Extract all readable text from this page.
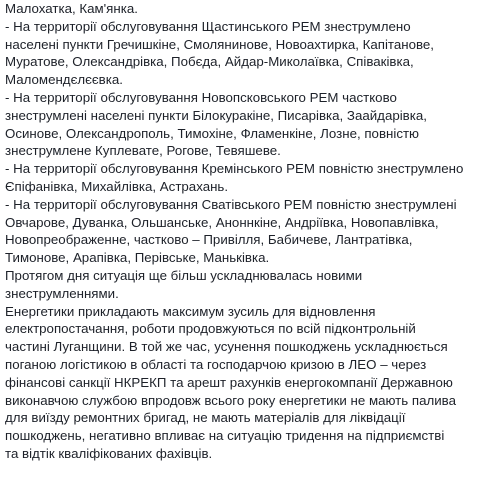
Малохатка, Кам'янка.
- На территорії обслуговування Щастинського РЕМ знеструмлено
населені пункти Гречишкіне, Смолянинове, Новоахтирка, Капітанове,
Муратове, Олександрівка, Побєда, Айдар-Миколаївка, Співаківка,
Маломендєлєєвка.
- На территорії обслуговування Новопсковського РЕМ частково
знеструмлені населені пункти Білокуракіне, Писарівка, Заайдарівка,
Осинове, Олександрополь, Тимохіне, Фламенкіне, Лозне, повністю
знеструмлене Куплевате, Рогове, Тевяшеве.
- На территорії обслуговування Кремінського РЕМ повністю знеструмлено
Єпіфанівка, Михайлівка, Астрахань.
- На территорії обслуговування Сватівського РЕМ повністю знеструмлені
Овчарове, Дуванка, Ольшанське, Аноннкіне, Андріївка, Новопавлівка,
Новопреображенне, частково – Привілля, Бабичеве, Лантратівка,
Тимонове, Арапівка, Перівське, Манькiвка.
Протягом дня ситуація ще більш ускладнювалась новими
знеструмленнями.
Енергетики прикладають максимум зусиль для відновлення
електропостачання, роботи продовжуються по всій підконтрольній
частині Луганщини. В той же час, усунення пошкоджень ускладнюється
поганою логістикою в області та господарчою кризою в ЛЕО – через
фінансові санкції НКРЕКП та арешт рахунків енергокомпанії Державною
виконавчою службою впродовж всього року енергетики не мають палива
для виїзду ремонтних бригад, не мають матеріалів для ліквідації
пошкоджень, негативно впливає на ситуацію тридення на підприємстві
та відтік кваліфікованих фахівців.
